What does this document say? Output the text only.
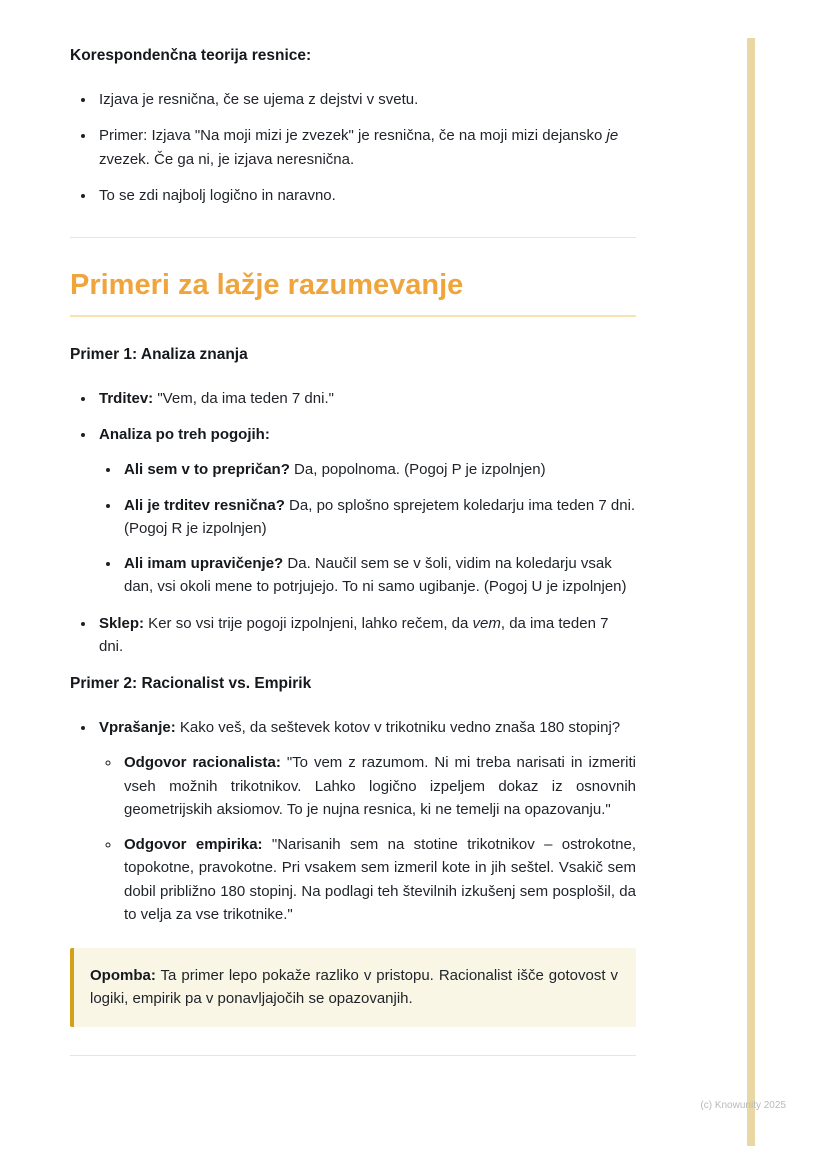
Korespondenčna teorija resnice:
• Izjava je resnična, če se ujema z dejstvi v svetu.
• Primer: Izjava "Na moji mizi je zvezek" je resnična, če na moji mizi dejansko je zvezek. Če ga ni, je izjava neresnična.
• To se zdi najbolj logično in naravno.
Primeri za lažje razumevanje
Primer 1: Analiza znanja
• Trditev: "Vem, da ima teden 7 dni."
• Analiza po treh pogojih:
• Ali sem v to prepričan? Da, popolnoma. (Pogoj P je izpolnjen)
• Ali je trditev resnična? Da, po splošno sprejetem koledarju ima teden 7 dni. (Pogoj R je izpolnjen)
• Ali imam upravičenje? Da. Naučil sem se v šoli, vidim na koledarju vsak dan, vsi okoli mene to potrjujejo. To ni samo ugibanje. (Pogoj U je izpolnjen)
• Sklep: Ker so vsi trije pogoji izpolnjeni, lahko rečem, da vem, da ima teden 7 dni.
Primer 2: Racionalist vs. Empirik
• Vprašanje: Kako veš, da seštevek kotov v trikotniku vedno znaša 180 stopinj?
◦ Odgovor racionalista: "To vem z razumom. Ni mi treba narisati in izmeriti vseh možnih trikotnikov. Lahko logično izpeljem dokaz iz osnovnih geometrijskih aksiomov. To je nujna resnica, ki ne temelji na opazovanju."
◦ Odgovor empirika: "Narisanih sem na stotine trikotnikov – ostrokotne, topokotne, pravokotne. Pri vsakem sem izmeril kote in jih seštel. Vsakič sem dobil približno 180 stopinj. Na podlagi teh številnih izkušenj sem posplošil, da to velja za vse trikotnike."
Opomba: Ta primer lepo pokaže razliko v pristopu. Racionalist išče gotovost v logiki, empirik pa v ponavljajočih se opazovanjih.
(c) Knowunity 2025
